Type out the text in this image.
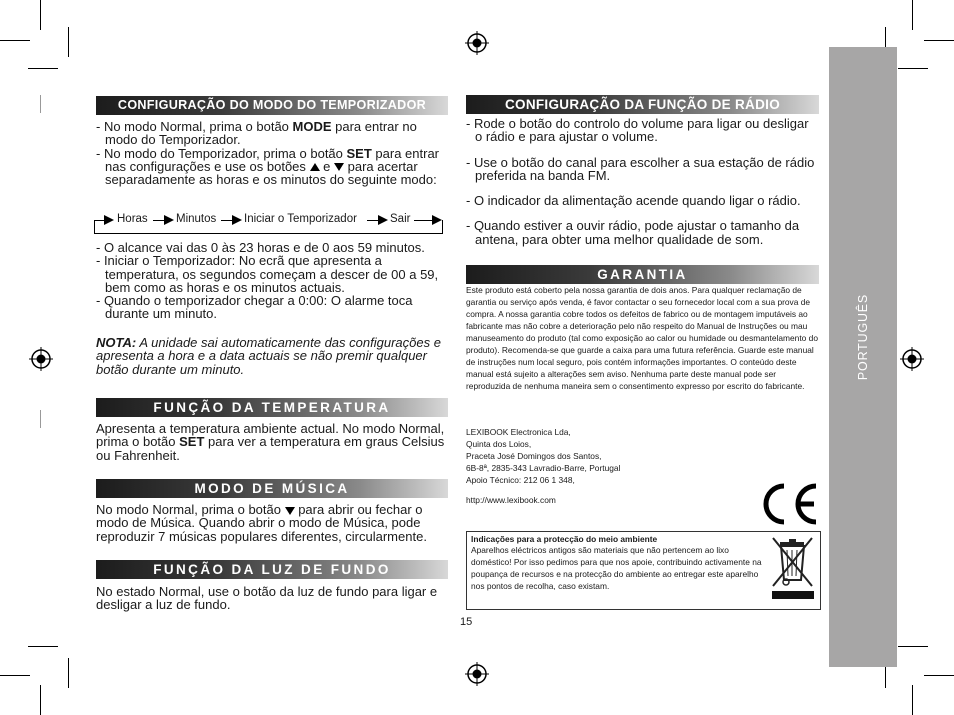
PORTUGUÊS
CONFIGURAÇÃO DO MODO DO TEMPORIZADOR

- No modo Normal, prima o botão MODE para entrar no modo do Temporizador.

- No modo do Temporizador, prima o botão SET para entrar nas configurações e use os botões  e  para acertar separadamente as horas e os minutos do seguinte modo:

Horas Minutos Iniciar o Temporizador	Sair

- O alcance vai das 0 às 23 horas e de 0 aos 59 minutos.

- Iniciar o Temporizador: No ecrã que apresenta a temperatura, os segundos começam a descer de 00 a 59, bem como as horas e os minutos actuais.

- Quando o temporizador chegar a 0:00: O alarme toca durante um minuto.

NOTA: A unidade sai automaticamente das configurações e apresenta a hora e a data actuais se não premir qualquer botão durante um minuto.

FUNÇÃO DA TEMPERATURA

Apresenta a temperatura ambiente actual. No modo Normal, prima o botão SET para ver a temperatura em graus Celsius ou Fahrenheit.

MODO DE MÚSICA

No modo Normal, prima o botão  para abrir ou fechar o modo de Música. Quando abrir o modo de Música, pode reproduzir 7 músicas populares diferentes, circularmente.

FUNÇÃO DA LUZ DE FUNDO
No estado Normal, use o botão da luz de fundo para ligar e desligar a luz de fundo.
CONFIGURAÇÃO DA FUNÇÃO DE RÁDIO

- Rode o botão do controlo do volume para ligar ou desligar o rádio e para ajustar o volume.

- Use o botão do canal para escolher a sua estação de rádio preferida na banda FM.

- O indicador da alimentação acende quando ligar o rádio.

- Quando estiver a ouvir rádio, pode ajustar o tamanho da antena, para obter uma melhor qualidade de som.

GARANTIA
Este produto está coberto pela nossa garantia de dois anos. Para qualquer reclamação de garantia ou serviço após venda, é favor contactar o seu fornecedor local com a sua prova de compra. A nossa garantia cobre todos os defeitos de fabrico ou de montagem imputáveis ao fabricante mas não cobre a deterioração pelo não respeito do Manual de Instruções ou mau manuseamento do produto (tal como exposição ao calor ou humidade ou desmantelamento do produto). Recomenda-se que guarde a caixa para uma futura referência. Guarde este manual de instruções num local seguro, pois contém informações importantes. O conteúdo deste manual está sujeito a alterações sem aviso. Nenhuma parte deste manual pode ser reproduzida de nenhuma maneira sem o consentimento expresso por escrito do fabricante.

LEXIBOOK Electronica Lda,

Quinta dos Loios,

Praceta José Domingos dos Santos,

6B-8ª, 2835-343 Lavradio-Barre, Portugal

Apoio Técnico: 212 06 1 348,

http://www.lexibook.com
Indicações para a protecção do meio ambiente
Aparelhos eléctricos antigos são materiais que não pertencem ao lixo doméstico! Por isso pedimos para que nos apoie, contribuindo activamente na poupança de recursos e na protecção do ambiente ao entregar este aparelho nos pontos de recolha, caso existam.
15
